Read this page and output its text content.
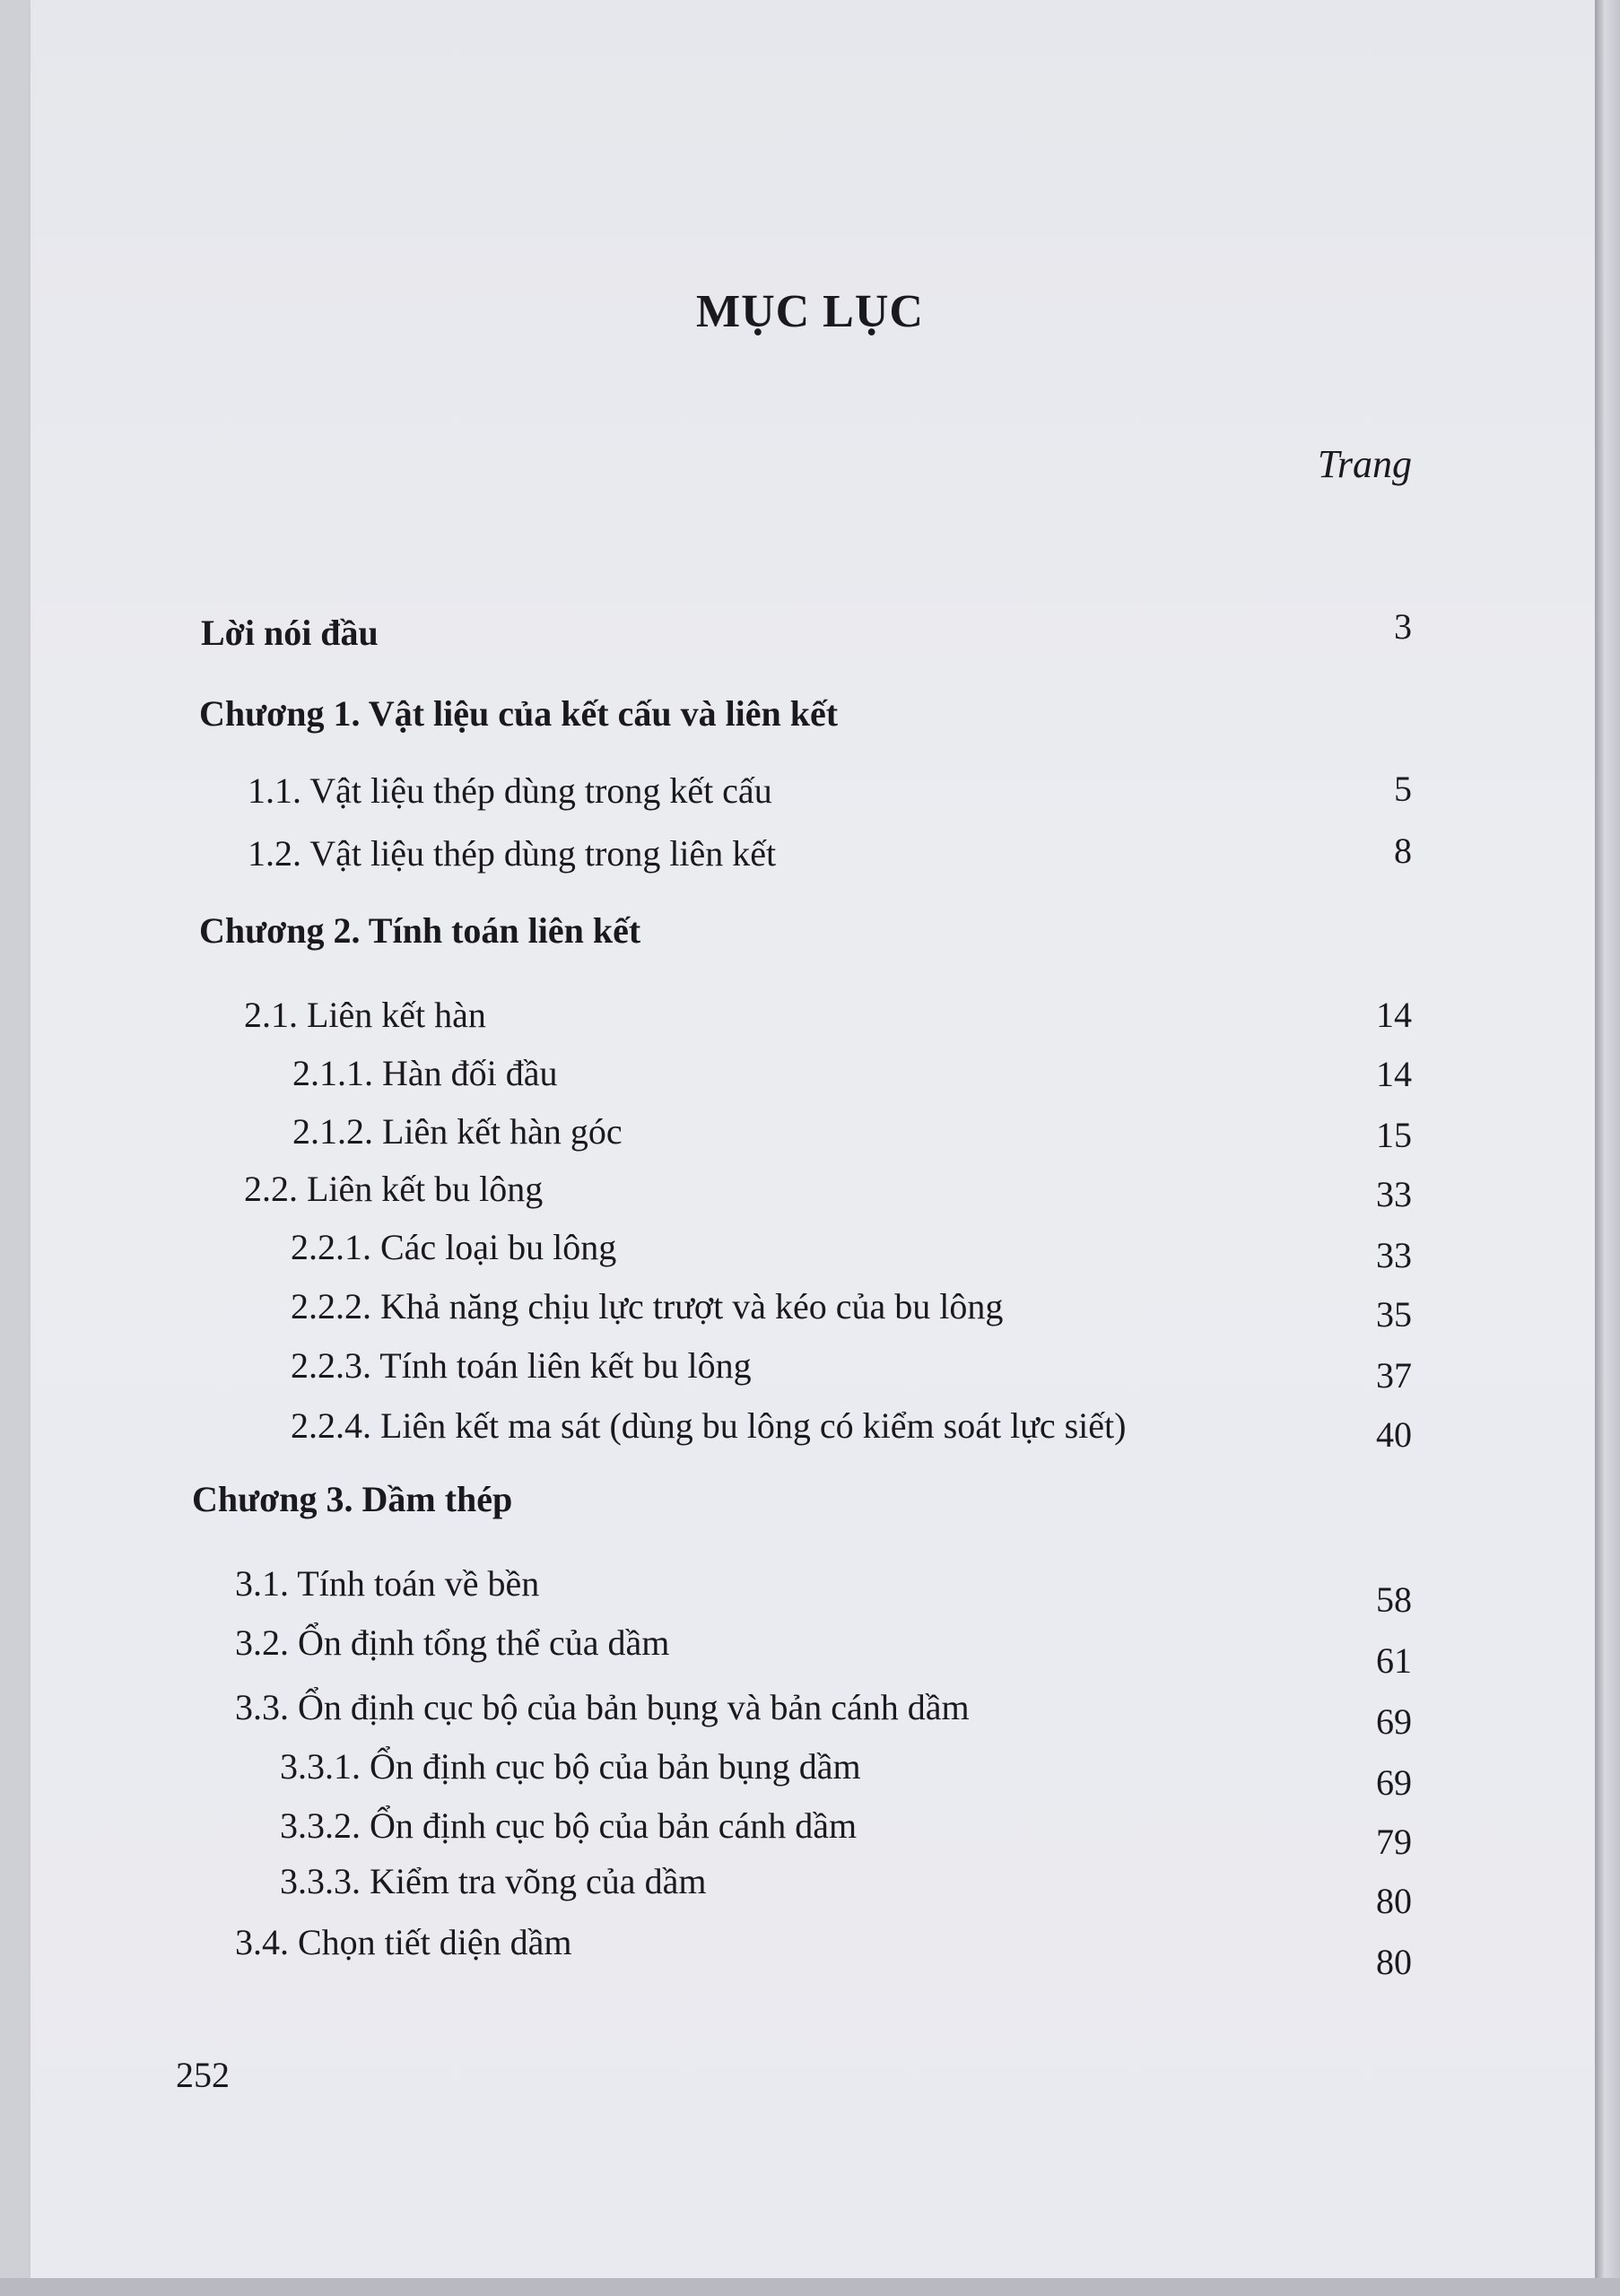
MỤC LỤC
Trang
Lời nói đầu	3
Chương 1. Vật liệu của kết cấu và liên kết
1.1. Vật liệu thép dùng trong kết cấu	5
1.2. Vật liệu thép dùng trong liên kết	8
Chương 2. Tính toán liên kết
2.1. Liên kết hàn	14
2.1.1. Hàn đối đầu	14
2.1.2. Liên kết hàn góc	15
2.2. Liên kết bu lông	33
2.2.1. Các loại bu lông	33
2.2.2. Khả năng chịu lực trượt và kéo của bu lông	35
2.2.3. Tính toán liên kết bu lông	37
2.2.4. Liên kết ma sát (dùng bu lông có kiểm soát lực siết)	40
Chương 3. Dầm thép
3.1. Tính toán về bền	58
3.2. Ổn định tổng thể của dầm	61
3.3. Ổn định cục bộ của bản bụng và bản cánh dầm	69
3.3.1. Ổn định cục bộ của bản bụng dầm	69
3.3.2. Ổn định cục bộ của bản cánh dầm	79
3.3.3. Kiểm tra võng của dầm	80
3.4. Chọn tiết diện dầm	80
252
